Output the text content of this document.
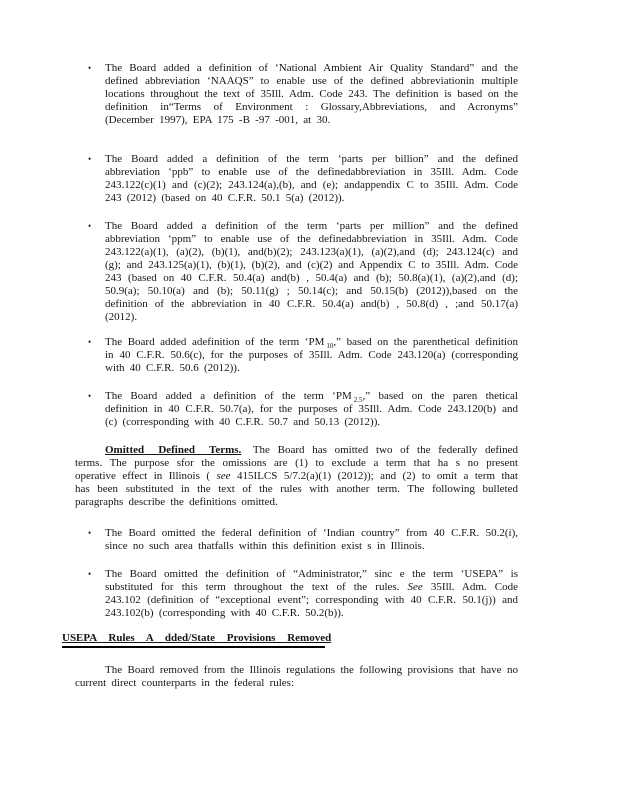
•	The Board added a definition of ‘National Ambient Air Quality Standard” and the defined abbreviation ‘NAAQS” to enable use of the defined abbreviationin multiple locations throughout the text of 35Ill. Adm. Code 243. The definition is based on the definition in“Terms of Environment : Glossary,Abbreviations, and Acronyms” (December 1997), EPA 175 -B -97 -001, at 30.
•	The Board added a definition of the term ‘parts per billion” and the defined abbreviation ‘ppb” to enable use of the definedabbreviation in 35Ill. Adm. Code 243.122(c)(1) and (c)(2); 243.124(a),(b), and (e); andappendix C to 35Ill. Adm. Code 243 (2012) (based on 40 C.F.R. 50.1 5(a) (2012)).
•	The Board added a definition of the term ‘parts per million” and the defined abbreviation ‘ppm” to enable use of the definedabbreviation in 35Ill. Adm. Code 243.122(a)(1), (a)(2), (b)(1), and(b)(2); 243.123(a)(1), (a)(2),and (d); 243.124(c) and (g); and 243.125(a)(1), (b)(1), (b)(2), and (c)(2) and Appendix C to 35Ill. Adm. Code 243 (based on 40 C.F.R. 50.4(a) and(b) , 50.4(a) and (b); 50.8(a)(1), (a)(2),and (d); 50.9(a); 50.10(a) and (b); 50.11(g) ; 50.14(c); and 50.15(b) (2012)),based on the definition of the abbreviation in 40 C.F.R. 50.4(a) and(b) , 50.8(d) , ;and 50.17(a) (2012).
•	The Board added adefinition of the term ‘PM $_{10}$,” based on the parenthetical definition in 40 C.F.R. 50.6(c), for the purposes of 35Ill. Adm. Code 243.120(a) (corresponding with 40 C.F.R. 50.6 (2012)).
•	The Board added a definition of the term ‘PM $_{2.5}$,” based on the paren thetical definition in 40 C.F.R. 50.7(a), for the purposes of 35Ill. Adm. Code 243.120(b) and (c) (corresponding with 40 C.F.R. 50.7 and 50.13 (2012)).

Omitted Defined Terms. The Board has omitted two of the federally defined terms. The purpose sfor the omissions are (1) to exclude a term that ha s no present operative effect in Illinois ( see 415ILCS 5/7.2(a)(1) (2012)); and (2) to omit a term that has been substituted in the text of the rules with another term. The following bulleted paragraphs describe the definitions omitted.

•	The Board omitted the federal definition of ‘Indian country” from 40 C.F.R. 50.2(i), since no such area thatfalls within this definition exist s in Illinois.
•	The Board omitted the definition of “Administrator,” sinc e the term ‘USEPA” is substituted for this term throughout the text of the rules. See 35Ill. Adm. Code 243.102 (definition of “exceptional event”; corresponding with 40 C.F.R. 50.1(j)) and 243.102(b) (corresponding with 40 C.F.R. 50.2(b)).
USEPA Rules A dded/State Provisions Removed

The Board removed from the Illinois regulations the following provisions that have no current direct counterparts in the federal rules:
